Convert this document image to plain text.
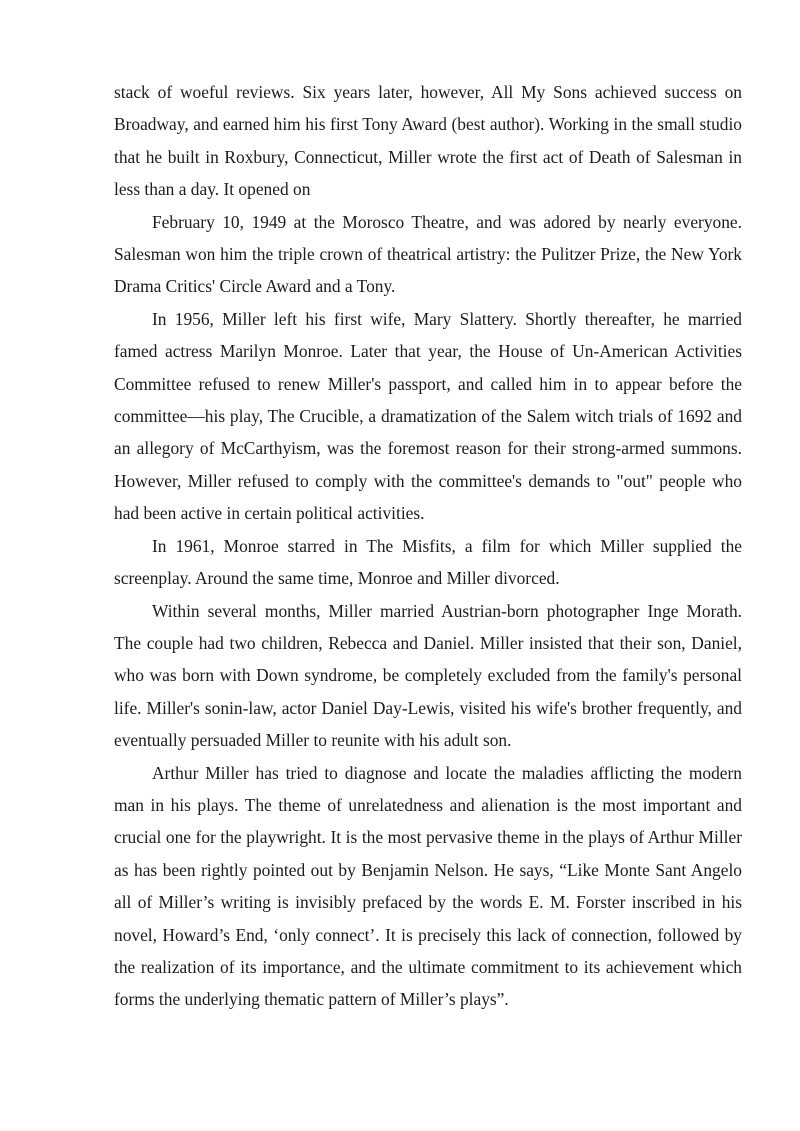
stack of woeful reviews. Six years later, however, All My Sons achieved success on Broadway, and earned him his first Tony Award (best author). Working in the small studio that he built in Roxbury, Connecticut, Miller wrote the first act of Death of Salesman in less than a day. It opened on

February 10, 1949 at the Morosco Theatre, and was adored by nearly everyone. Salesman won him the triple crown of theatrical artistry: the Pulitzer Prize, the New York Drama Critics' Circle Award and a Tony.

In 1956, Miller left his first wife, Mary Slattery. Shortly thereafter, he married famed actress Marilyn Monroe. Later that year, the House of Un-American Activities Committee refused to renew Miller's passport, and called him in to appear before the committee—his play, The Crucible, a dramatization of the Salem witch trials of 1692 and an allegory of McCarthyism, was the foremost reason for their strong-armed summons. However, Miller refused to comply with the committee's demands to "out" people who had been active in certain political activities.

In 1961, Monroe starred in The Misfits, a film for which Miller supplied the screenplay. Around the same time, Monroe and Miller divorced.

Within several months, Miller married Austrian-born photographer Inge Morath. The couple had two children, Rebecca and Daniel. Miller insisted that their son, Daniel, who was born with Down syndrome, be completely excluded from the family's personal life. Miller's sonin-law, actor Daniel Day-Lewis, visited his wife's brother frequently, and eventually persuaded Miller to reunite with his adult son.

Arthur Miller has tried to diagnose and locate the maladies afflicting the modern man in his plays. The theme of unrelatedness and alienation is the most important and crucial one for the playwright. It is the most pervasive theme in the plays of Arthur Miller as has been rightly pointed out by Benjamin Nelson. He says, “Like Monte Sant Angelo all of Miller’s writing is invisibly prefaced by the words E. M. Forster inscribed in his novel, Howard’s End, ‘only connect’. It is precisely this lack of connection, followed by the realization of its importance, and the ultimate commitment to its achievement which forms the underlying thematic pattern of Miller’s plays”.
